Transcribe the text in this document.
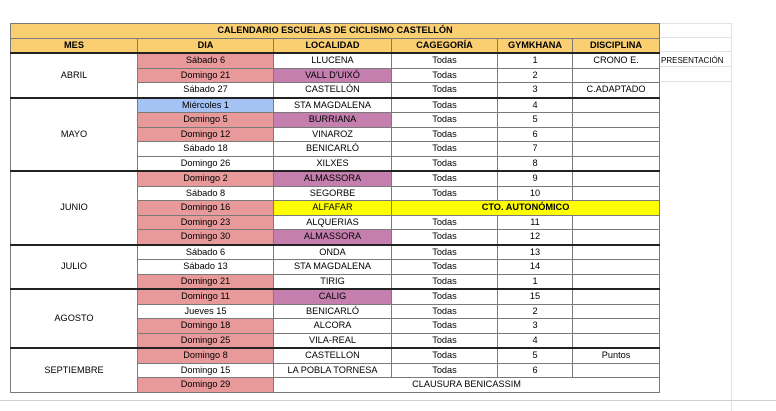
PRESENTACIÓN
CALENDARIO ESCUELAS DE CICLISMO CASTELLÓN					
MES	DIA	LOCALIDAD	CAGEGORÍA	GYMKHANA	DISCIPLINA
ABRIL	Sábado 6	LLUCENA	Todas	1	CRONO E.
	Domingo 21	VALL D'UIXÓ	Todas	2	
	Sábado 27	CASTELLÓN	Todas	3	C.ADAPTADO
MAYO	Miércoles 1	STA MAGDALENA	Todas	4	
	Domingo 5	BURRIANA	Todas	5	
	Domingo 12	VINAROZ	Todas	6	
	Sábado 18	BENICARLÓ	Todas	7	
	Domingo 26	XILXES	Todas	8	
JUNIO	Domingo 2	ALMASSORA	Todas	9	
	Sábado 8	SEGORBE	Todas	10	
	Domingo 16	ALFAFAR	CTO. AUTONÓMICO		
	Domingo 23	ALQUERIAS	Todas	11	
	Domingo 30	ALMASSORA	Todas	12	
JULIO	Sábado 6	ONDA	Todas	13	
	Sábado 13	STA MAGDALENA	Todas	14	
	Domingo 21	TIRIG	Todas	1	
AGOSTO	Domingo 11	CALIG	Todas	15	
	Jueves 15	BENICARLÓ	Todas	2	
	Domingo 18	ALCORA	Todas	3	
	Domingo 25	VILA-REAL	Todas	4	
SEPTIEMBRE	Domingo 8	CASTELLON	Todas	5	Puntos
	Domingo 15	LA POBLA TORNESA	Todas	6	
	Domingo 29	CLAUSURA BENICASSIM			
